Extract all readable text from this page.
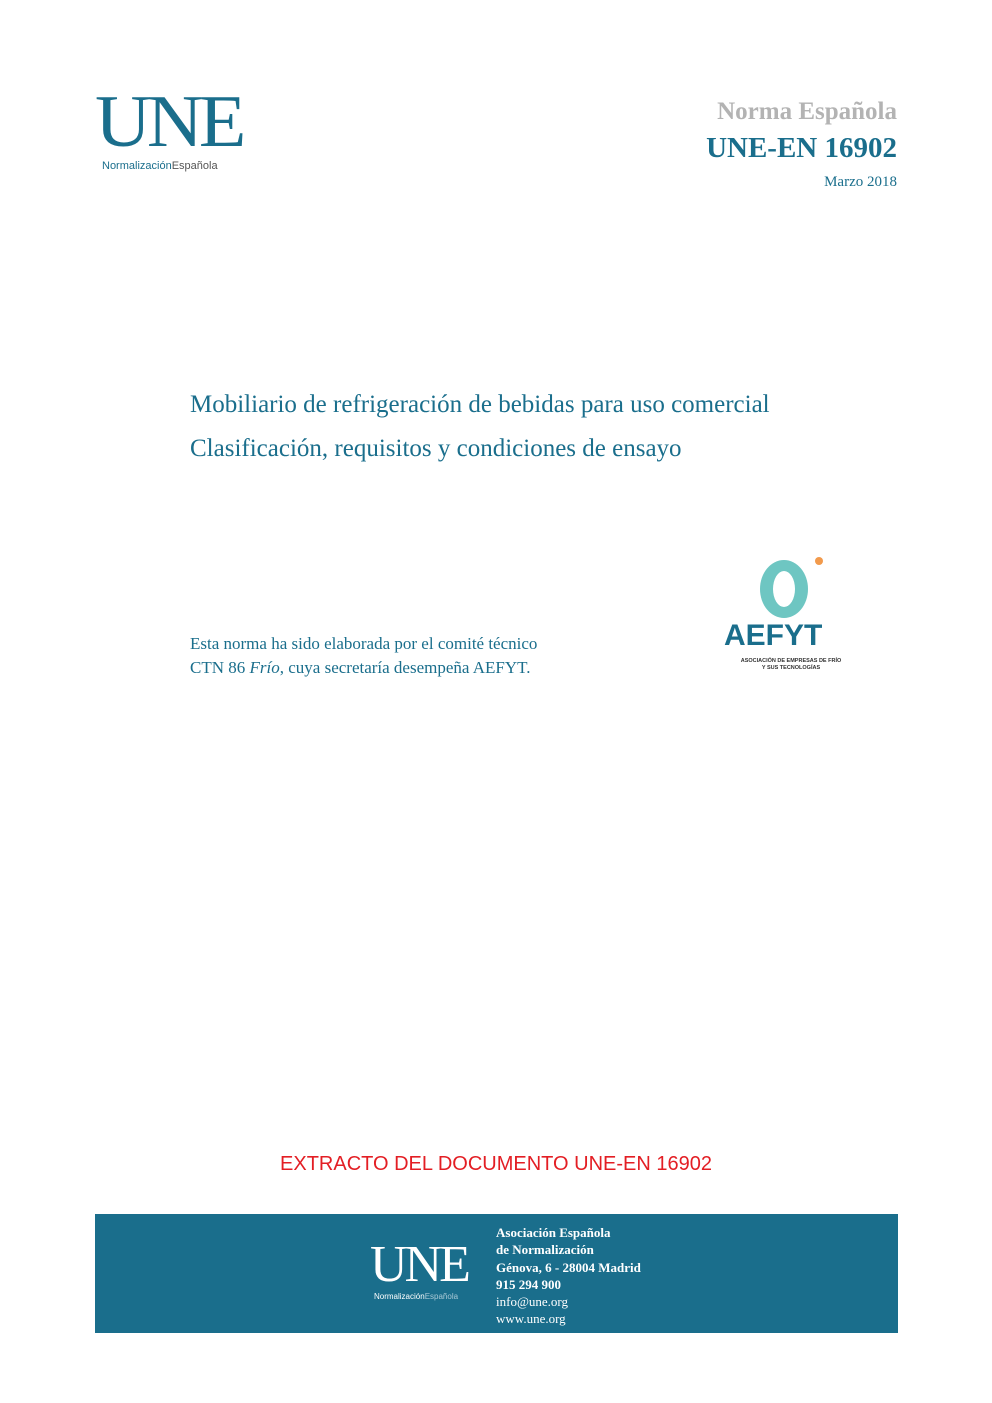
UNE
NormalizaciónEspañola
Norma Española
UNE-EN 16902
Marzo 2018

Mobiliario de refrigeración de bebidas para uso comercial

Clasificación, requisitos y condiciones de ensayo

Esta norma ha sido elaborada por el comité técnico
CTN 86 Frío, cuya secretaría desempeña AEFYT.
AEFYT
ASOCIACIÓN DE EMPRESAS DE FRÍO
Y SUS TECNOLOGÍAS
EXTRACTO DEL DOCUMENTO UNE-EN 16902
UNE
NormalizaciónEspañola
Asociación Española
de Normalización
Génova, 6 - 28004 Madrid
915 294 900
info@une.org
www.une.org
